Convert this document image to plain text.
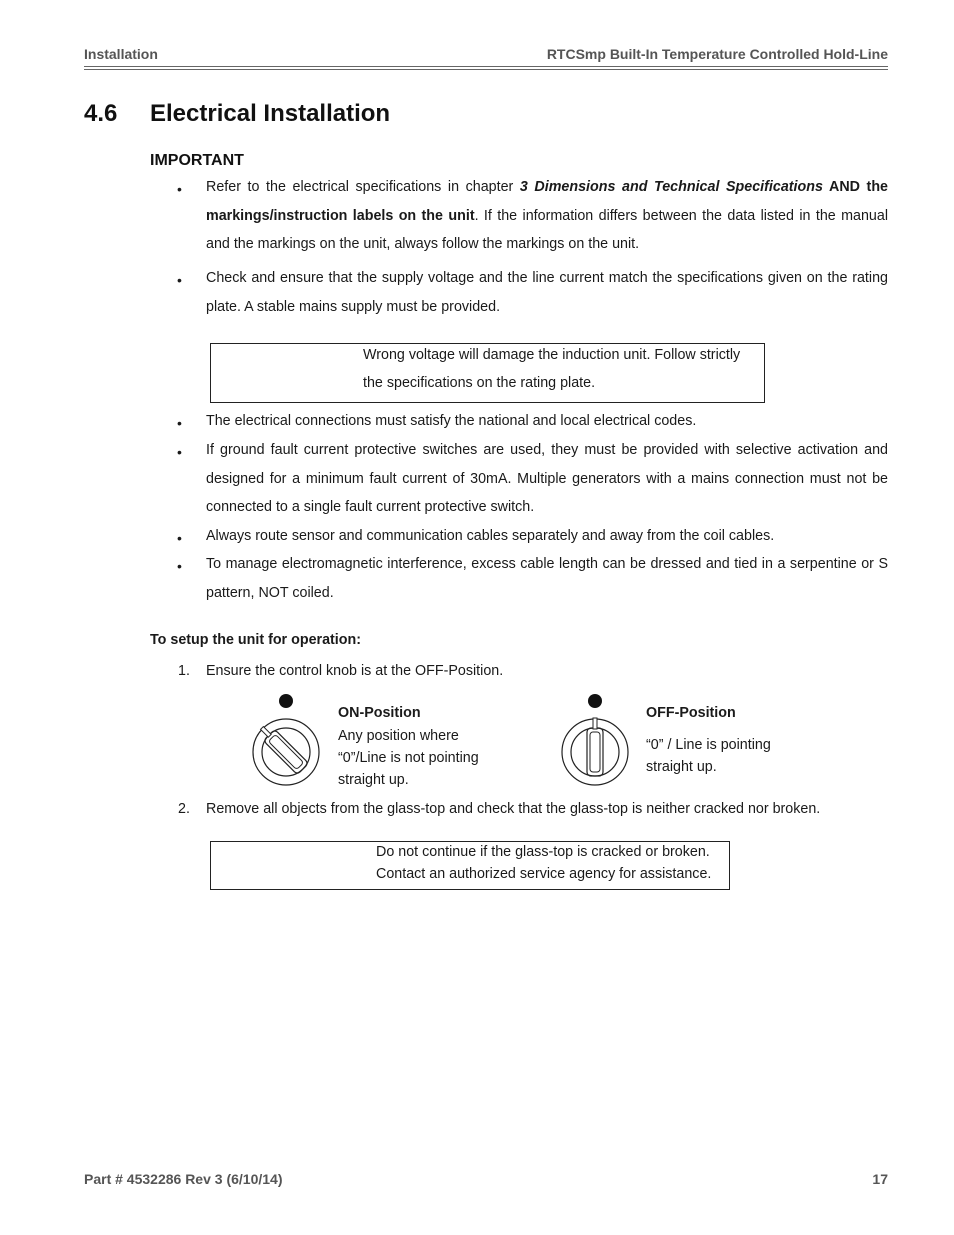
Installation	RTCSmp Built-In Temperature Controlled Hold-Line
4.6 Electrical Installation
IMPORTANT
• Refer to the electrical specifications in chapter 3 Dimensions and Technical Specifications AND the markings/instruction labels on the unit. If the information differs between the data listed in the manual and the markings on the unit, always follow the markings on the unit.
• Check and ensure that the supply voltage and the line current match the specifications given on the rating plate. A stable mains supply must be provided.
Wrong voltage will damage the induction unit. Follow strictly
the specifications on the rating plate.
• The electrical connections must satisfy the national and local electrical codes.
• If ground fault current protective switches are used, they must be provided with selective activation and designed for a minimum fault current of 30mA. Multiple generators with a mains connection must not be connected to a single fault current protective switch.
• Always route sensor and communication cables separately and away from the coil cables.
• To manage electromagnetic interference, excess cable length can be dressed and tied in a serpentine or S pattern, NOT coiled.
To setup the unit for operation:
1. Ensure the control knob is at the OFF-Position.
ON-Position
Any position where
“0”/Line is not pointing
straight up.
OFF-Position
“0” / Line is pointing
straight up.
2. Remove all objects from the glass-top and check that the glass-top is neither cracked nor broken.
Do not continue if the glass-top is cracked or broken.
Contact an authorized service agency for assistance.
Part # 4532286 Rev 3 (6/10/14)	17
